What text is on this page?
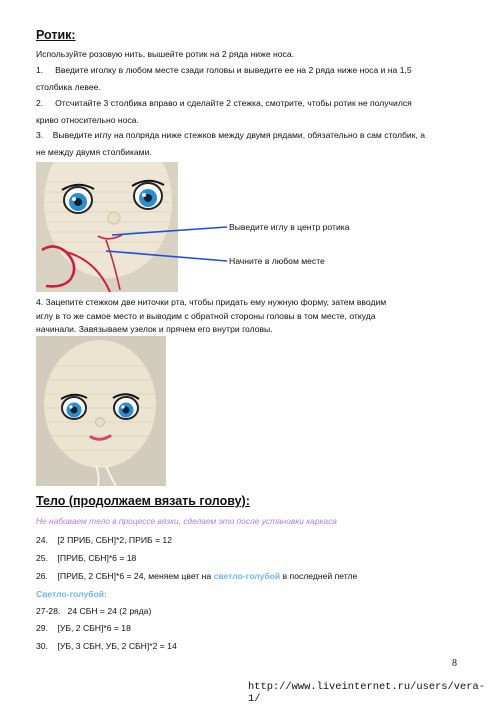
Ротик:
Используйте розовую нить, вышейте ротик на 2 ряда ниже носа.
1. Введите иголку в любом месте сзади головы и выведите ее на 2 ряда ниже носа и на 1,5
столбика левее.
2. Отсчитайте 3 столбика вправо и сделайте 2 стежка, смотрите, чтобы ротик не получился
криво относительно носа.
3. Выведите иглу на полряда ниже стежков между двумя рядами, обязательно в сам столбик, а
не между двумя столбиками.
Выведите иглу в центр ротика
Начните в любом месте
4. Зацепите стежком две ниточки рта, чтобы придать ему нужную форму, затем вводим
иглу в то же самое место и выводим с обратной стороны головы в том месте, откуда
начинали. Завязываем узелок и прячем его внутри головы.
Тело (продолжаем вязать голову):
Не набиваем тело в процессе вязки, сделаем это после установки каркаса
24. [2 ПРИБ, СБН]*2, ПРИБ = 12
25. [ПРИБ, СБН]*6 = 18
26. [ПРИБ, 2 СБН]*6 = 24, меняем цвет на светло-голубой в последней петле
Светло-голубой:
27-28. 24 СБН = 24 (2 ряда)
29. [УБ, 2 СБН]*6 = 18
30. [УБ, 3 СБН, УБ, 2 СБН]*2 = 14
8
http://www.liveinternet.ru/users/vera-1/
